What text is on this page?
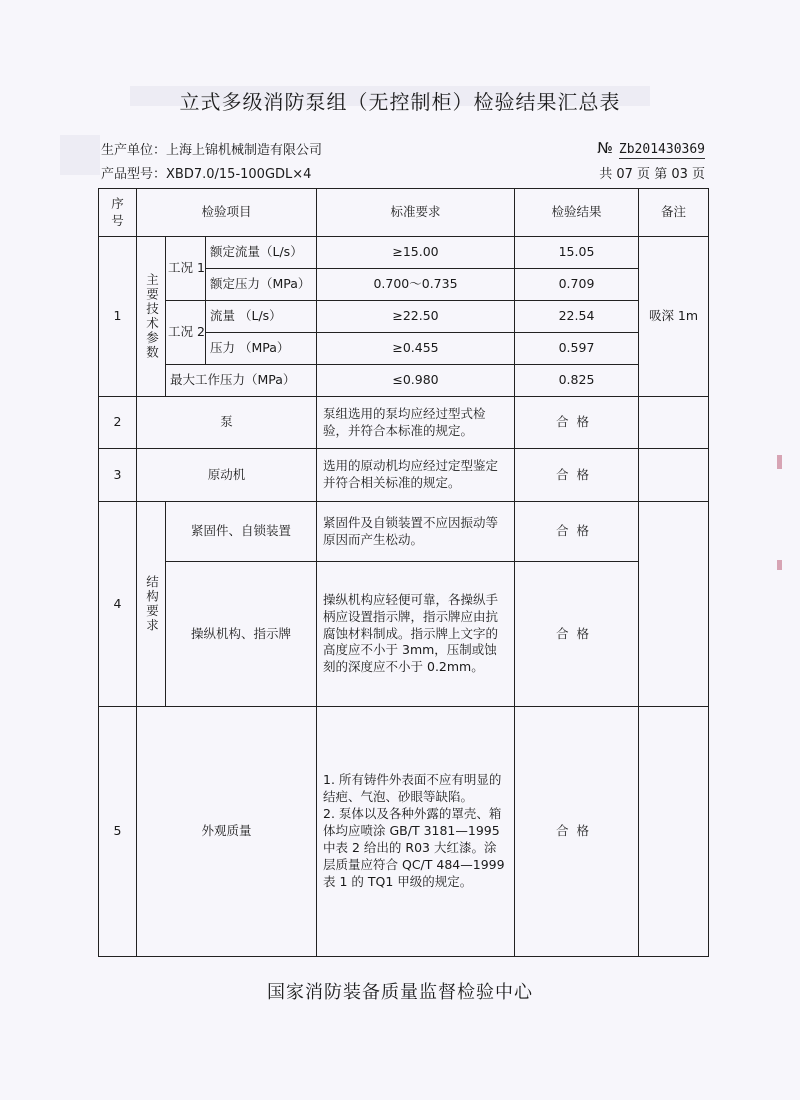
立式多级消防泵组（无控制柜）检验结果汇总表
生产单位：上海上锦机械制造有限公司
产品型号：XBD7.0/15-100GDL×4
№ Zb201430369
共 07 页 第 03 页
序号	检验项目			标准要求	检验结果	备注
1	主要技术参数	工况 1	额定流量（L/s）	≥15.00	15.05	吸深 1m
			额定压力（MPa）	0.700～0.735	0.709	
		工况 2	流量 （L/s）	≥22.50	22.54	
			压力 （MPa）	≥0.455	0.597	
		最大工作压力（MPa）		≤0.980	0.825	
2	泵			泵组选用的泵均应经过型式检验，并符合本标准的规定。	合格	
3	原动机			选用的原动机均应经过定型鉴定并符合相关标准的规定。	合格	
4	结构要求	紧固件、自锁装置		紧固件及自锁装置不应因振动等原因而产生松动。	合格	
		操纵机构、指示牌		操纵机构应轻便可靠，各操纵手柄应设置指示牌，指示牌应由抗腐蚀材料制成。指示牌上文字的高度应不小于 3mm，压制或蚀刻的深度应不小于 0.2mm。	合格	
5	外观质量			1. 所有铸件外表面不应有明显的结疤、气泡、砂眼等缺陷。
2. 泵体以及各种外露的罩壳、箱体均应喷涂 GB/T 3181—1995 中表 2 给出的 R03 大红漆。涂层质量应符合 QC/T 484—1999 表 1 的 TQ1 甲级的规定。	合格	
国家消防装备质量监督检验中心
